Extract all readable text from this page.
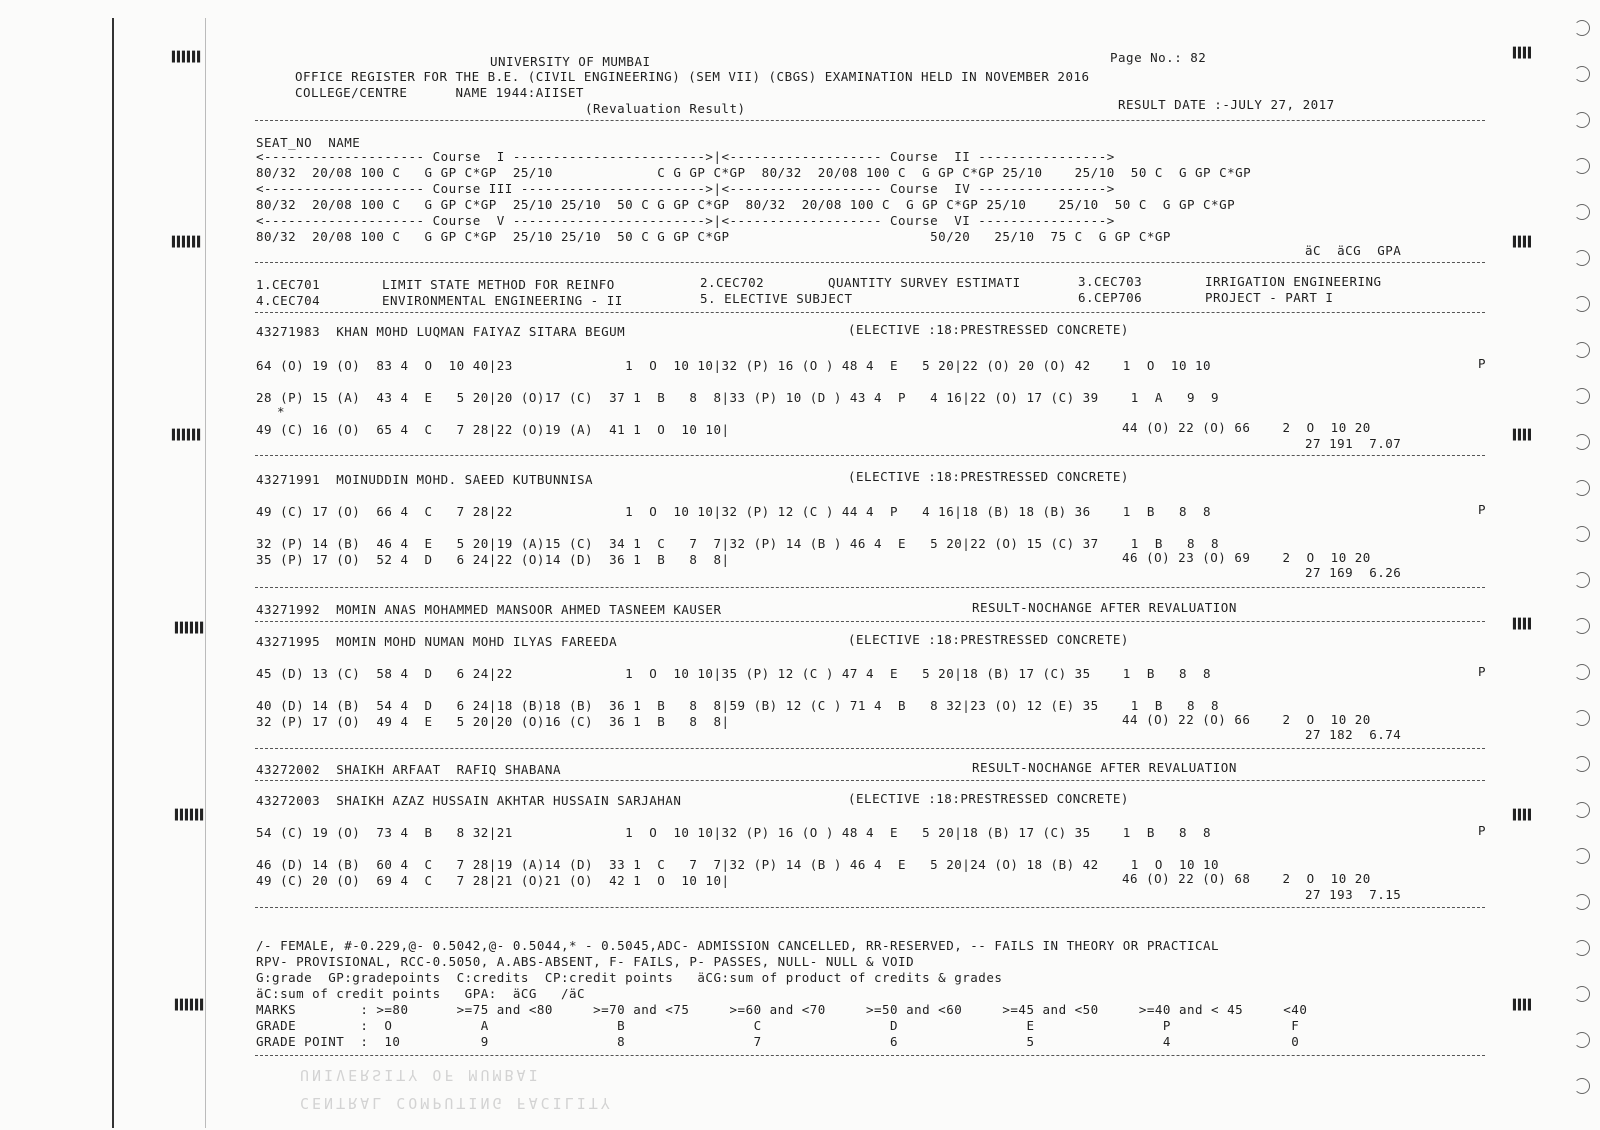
▌▌▌▌▌▌
▌▌▌▌▌▌
▌▌▌▌▌▌
▌▌▌▌▌▌
▌▌▌▌▌▌
▌▌▌▌▌▌
▌▌▌▌
▌▌▌▌
▌▌▌▌
▌▌▌▌
▌▌▌▌
▌▌▌▌
UNIVERSITY OF MUMBAI	Page No.: 82
OFFICE REGISTER FOR THE B.E. (CIVIL ENGINEERING) (SEM VII) (CBGS) EXAMINATION HELD IN NOVEMBER 2016
COLLEGE/CENTRE      NAME 1944:AIISET
(Revaluation Result)	RESULT DATE :-JULY 27, 2017
SEAT_NO  NAME
<-------------------- Course  I ------------------------>|<------------------- Course  II ---------------->
80/32  20/08 100 C   G GP C*GP  25/10             C G GP C*GP  80/32  20/08 100 C  G GP C*GP 25/10    25/10  50 C  G GP C*GP
<-------------------- Course III ----------------------->|<------------------- Course  IV ---------------->
80/32  20/08 100 C   G GP C*GP  25/10 25/10  50 C G GP C*GP  80/32  20/08 100 C  G GP C*GP 25/10    25/10  50 C  G GP C*GP
<-------------------- Course  V ------------------------>|<------------------- Course  VI ---------------->
80/32  20/08 100 C   G GP C*GP  25/10 25/10  50 C G GP C*GP                         50/20   25/10  75 C  G GP C*GP
äC  äCG  GPA
1.CEC701	LIMIT STATE METHOD FOR REINFO	2.CEC702	QUANTITY SURVEY ESTIMATI	3.CEC703	IRRIGATION ENGINEERING
4.CEC704	ENVIRONMENTAL ENGINEERING - II	5. ELECTIVE SUBJECT	6.CEP706	PROJECT - PART I
43271983  KHAN MOHD LUQMAN FAIYAZ SITARA BEGUM	(ELECTIVE :18:PRESTRESSED CONCRETE)
64 (O) 19 (O)  83 4  O  10 40|23              1  O  10 10|32 (P) 16 (O ) 48 4  E   5 20|22 (O) 20 (O) 42    1  O  10 10	P
28 (P) 15 (A)  43 4  E   5 20|20 (O)17 (C)  37 1  B   8  8|33 (P) 10 (D ) 43 4  P   4 16|22 (O) 17 (C) 39    1  A   9  9
*
49 (C) 16 (O)  65 4  C   7 28|22 (O)19 (A)  41 1  O  10 10|	44 (O) 22 (O) 66    2  O  10 20
27 191  7.07
43271991  MOINUDDIN MOHD. SAEED KUTBUNNISA	(ELECTIVE :18:PRESTRESSED CONCRETE)
49 (C) 17 (O)  66 4  C   7 28|22              1  O  10 10|32 (P) 12 (C ) 44 4  P   4 16|18 (B) 18 (B) 36    1  B   8  8	P
32 (P) 14 (B)  46 4  E   5 20|19 (A)15 (C)  34 1  C   7  7|32 (P) 14 (B ) 46 4  E   5 20|22 (O) 15 (C) 37    1  B   8  8
35 (P) 17 (O)  52 4  D   6 24|22 (O)14 (D)  36 1  B   8  8|	46 (O) 23 (O) 69    2  O  10 20
27 169  6.26
43271992  MOMIN ANAS MOHAMMED MANSOOR AHMED TASNEEM KAUSER	RESULT-NOCHANGE AFTER REVALUATION
43271995  MOMIN MOHD NUMAN MOHD ILYAS FAREEDA	(ELECTIVE :18:PRESTRESSED CONCRETE)
45 (D) 13 (C)  58 4  D   6 24|22              1  O  10 10|35 (P) 12 (C ) 47 4  E   5 20|18 (B) 17 (C) 35    1  B   8  8	P
40 (D) 14 (B)  54 4  D   6 24|18 (B)18 (B)  36 1  B   8  8|59 (B) 12 (C ) 71 4  B   8 32|23 (O) 12 (E) 35    1  B   8  8
32 (P) 17 (O)  49 4  E   5 20|20 (O)16 (C)  36 1  B   8  8|	44 (O) 22 (O) 66    2  O  10 20
27 182  6.74
43272002  SHAIKH ARFAAT  RAFIQ SHABANA	RESULT-NOCHANGE AFTER REVALUATION
43272003  SHAIKH AZAZ HUSSAIN AKHTAR HUSSAIN SARJAHAN	(ELECTIVE :18:PRESTRESSED CONCRETE)
54 (C) 19 (O)  73 4  B   8 32|21              1  O  10 10|32 (P) 16 (O ) 48 4  E   5 20|18 (B) 17 (C) 35    1  B   8  8	P
46 (D) 14 (B)  60 4  C   7 28|19 (A)14 (D)  33 1  C   7  7|32 (P) 14 (B ) 46 4  E   5 20|24 (O) 18 (B) 42    1  O  10 10
49 (C) 20 (O)  69 4  C   7 28|21 (O)21 (O)  42 1  O  10 10|	46 (O) 22 (O) 68    2  O  10 20
27 193  7.15
/- FEMALE, #-0.229,@- 0.5042,@- 0.5044,* - 0.5045,ADC- ADMISSION CANCELLED, RR-RESERVED, -- FAILS IN THEORY OR PRACTICAL
RPV- PROVISIONAL, RCC-0.5050, A.ABS-ABSENT, F- FAILS, P- PASSES, NULL- NULL & VOID
G:grade  GP:gradepoints  C:credits  CP:credit points   äCG:sum of product of credits & grades
äC:sum of credit points   GPA:  äCG   /äC
MARKS        : >=80      >=75 and <80     >=70 and <75     >=60 and <70     >=50 and <60     >=45 and <50     >=40 and < 45     <40
GRADE        :  O           A                B                C                D                E                P               F
GRADE POINT  :  10          9                8                7                6                5                4               0
UNIVERSITY OF MUMBAI
CENTRAL COMPUTING FACILITY
